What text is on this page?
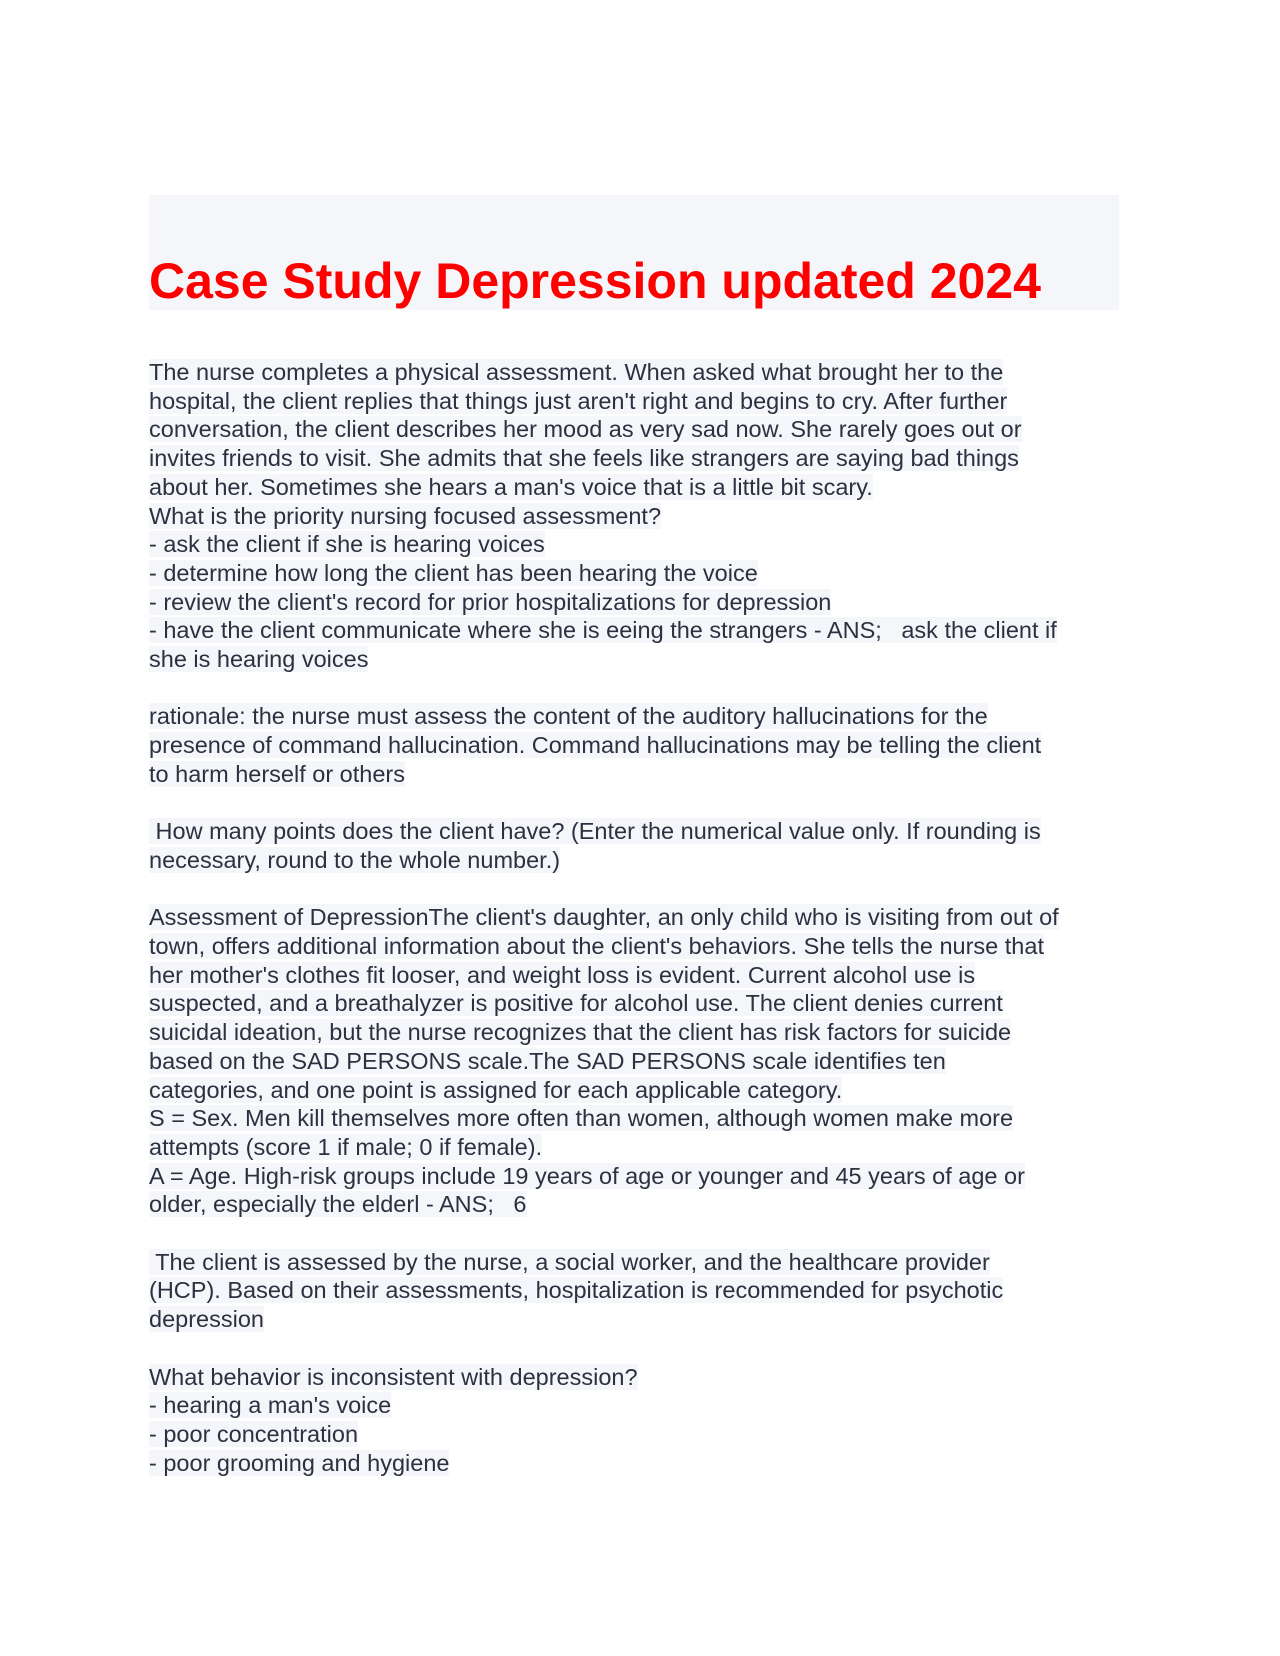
Case Study Depression updated 2024
The nurse completes a physical assessment. When asked what brought her to the
hospital, the client replies that things just aren't right and begins to cry. After further
conversation, the client describes her mood as very sad now. She rarely goes out or
invites friends to visit. She admits that she feels like strangers are saying bad things
about her. Sometimes she hears a man's voice that is a little bit scary.
What is the priority nursing focused assessment?
- ask the client if she is hearing voices
- determine how long the client has been hearing the voice
- review the client's record for prior hospitalizations for depression
- have the client communicate where she is eeing the strangers - ANS;   ask the client if
she is hearing voices
rationale: the nurse must assess the content of the auditory hallucinations for the
presence of command hallucination. Command hallucinations may be telling the client
to harm herself or others
How many points does the client have? (Enter the numerical value only. If rounding is
necessary, round to the whole number.)
Assessment of DepressionThe client's daughter, an only child who is visiting from out of
town, offers additional information about the client's behaviors. She tells the nurse that
her mother's clothes fit looser, and weight loss is evident. Current alcohol use is
suspected, and a breathalyzer is positive for alcohol use. The client denies current
suicidal ideation, but the nurse recognizes that the client has risk factors for suicide
based on the SAD PERSONS scale.The SAD PERSONS scale identifies ten
categories, and one point is assigned for each applicable category.
S = Sex. Men kill themselves more often than women, although women make more
attempts (score 1 if male; 0 if female).
A = Age. High-risk groups include 19 years of age or younger and 45 years of age or
older, especially the elderl - ANS;   6
The client is assessed by the nurse, a social worker, and the healthcare provider
(HCP). Based on their assessments, hospitalization is recommended for psychotic
depression
What behavior is inconsistent with depression?
- hearing a man's voice
- poor concentration
- poor grooming and hygiene
